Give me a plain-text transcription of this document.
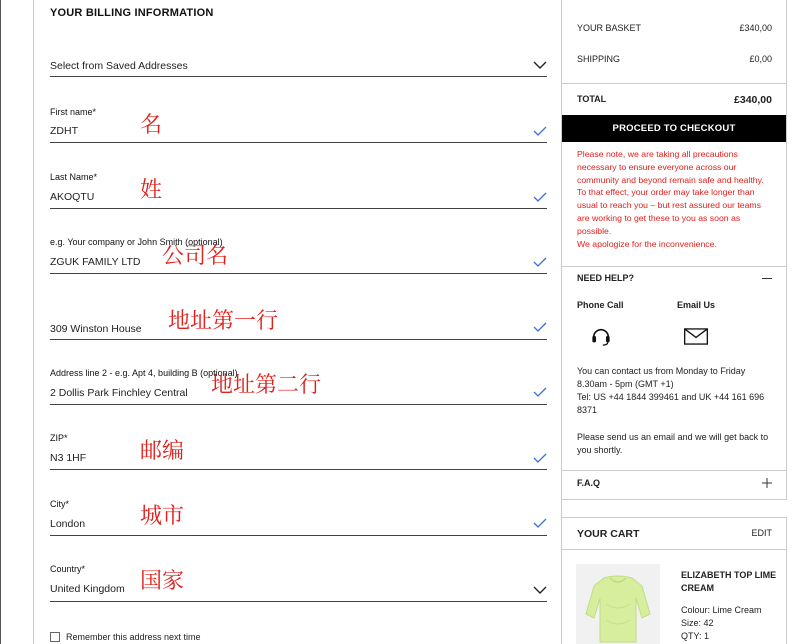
YOUR BILLING INFORMATION
Select from Saved Addresses
First name*
ZDHT	名
Last Name*
AKOQTU 姓
e.g. Your company or John Smith (optional)
ZGUK FAMILY LTD 公司名
309 Winston House 地址第一行
Address line 2 - e.g. Apt 4, building B (optional)
2 Dollis Park Finchley Central 地址第二行
ZIP*
N3 1HF 邮编
City*
London 城市
Country*
United Kingdom 国家
Remember this address next time
YOUR BASKET	£340,00
SHIPPING	£0,00
TOTAL	£340,00
PROCEED TO CHECKOUT

Please note, we are taking all precautions necessary to ensure everyone across our community and beyond remain safe and healthy.

To that effect, your order may take longer than usual to reach you – but rest assured our teams are working to get these to you as soon as possible.

We apologize for the inconvenience.

NEED HELP?
Phone Call	Email Us
You can contact us from Monday to Friday 8.30am - 5pm (GMT +1)
Tel: US +44 1844 399461 and UK +44 161 696 8371
Please send us an email and we will get back to you shortly.
F.A.Q
YOUR CART	EDIT
ELIZABETH TOP LIME CREAM
Colour: Lime Cream
Size: 42
QTY: 1
